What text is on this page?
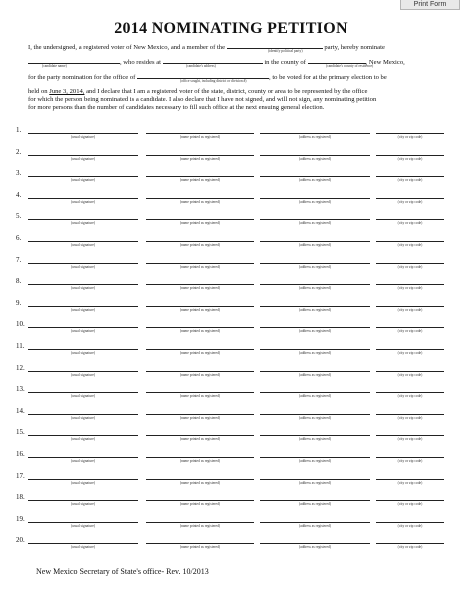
Print Form
2014 NOMINATING PETITION
I, the undersigned, a registered voter of New Mexico, and a member of the	party, hereby nominate
(identify political party)
, who resides at	in the county of	, New Mexico,
(candidate name)	(candidate's address)	(candidate's county of residence)
for the party nomination for the office of	, to be voted for at the primary election to be
(office sought, including district or division #)
held on June 3, 2014, and I declare that I am a registered voter of the state, district, county or area to be represented by the office
for which the person being nominated is a candidate. I also declare that I have not signed, and will not sign, any nominating petition
for more persons than the number of candidates necessary to fill such office at the next ensuing general election.
1.
(usual signature)	(name printed as registered)	(address as registered)	(city or zip code)
2.
(usual signature)	(name printed as registered)	(address as registered)	(city or zip code)
3.
(usual signature)	(name printed as registered)	(address as registered)	(city or zip code)
4.
(usual signature)	(name printed as registered)	(address as registered)	(city or zip code)
5.
(usual signature)	(name printed as registered)	(address as registered)	(city or zip code)
6.
(usual signature)	(name printed as registered)	(address as registered)	(city or zip code)
7.
(usual signature)	(name printed as registered)	(address as registered)	(city or zip code)
8.
(usual signature)	(name printed as registered)	(address as registered)	(city or zip code)
9.
(usual signature)	(name printed as registered)	(address as registered)	(city or zip code)
10.
(usual signature)	(name printed as registered)	(address as registered)	(city or zip code)
11.
(usual signature)	(name printed as registered)	(address as registered)	(city or zip code)
12.
(usual signature)	(name printed as registered)	(address as registered)	(city or zip code)
13.
(usual signature)	(name printed as registered)	(address as registered)	(city or zip code)
14.
(usual signature)	(name printed as registered)	(address as registered)	(city or zip code)
15.
(usual signature)	(name printed as registered)	(address as registered)	(city or zip code)
16.
(usual signature)	(name printed as registered)	(address as registered)	(city or zip code)
17.
(usual signature)	(name printed as registered)	(address as registered)	(city or zip code)
18.
(usual signature)	(name printed as registered)	(address as registered)	(city or zip code)
19.
(usual signature)	(name printed as registered)	(address as registered)	(city or zip code)
20.
(usual signature)	(name printed as registered)	(address as registered)	(city or zip code)
New Mexico Secretary of State's office- Rev. 10/2013
